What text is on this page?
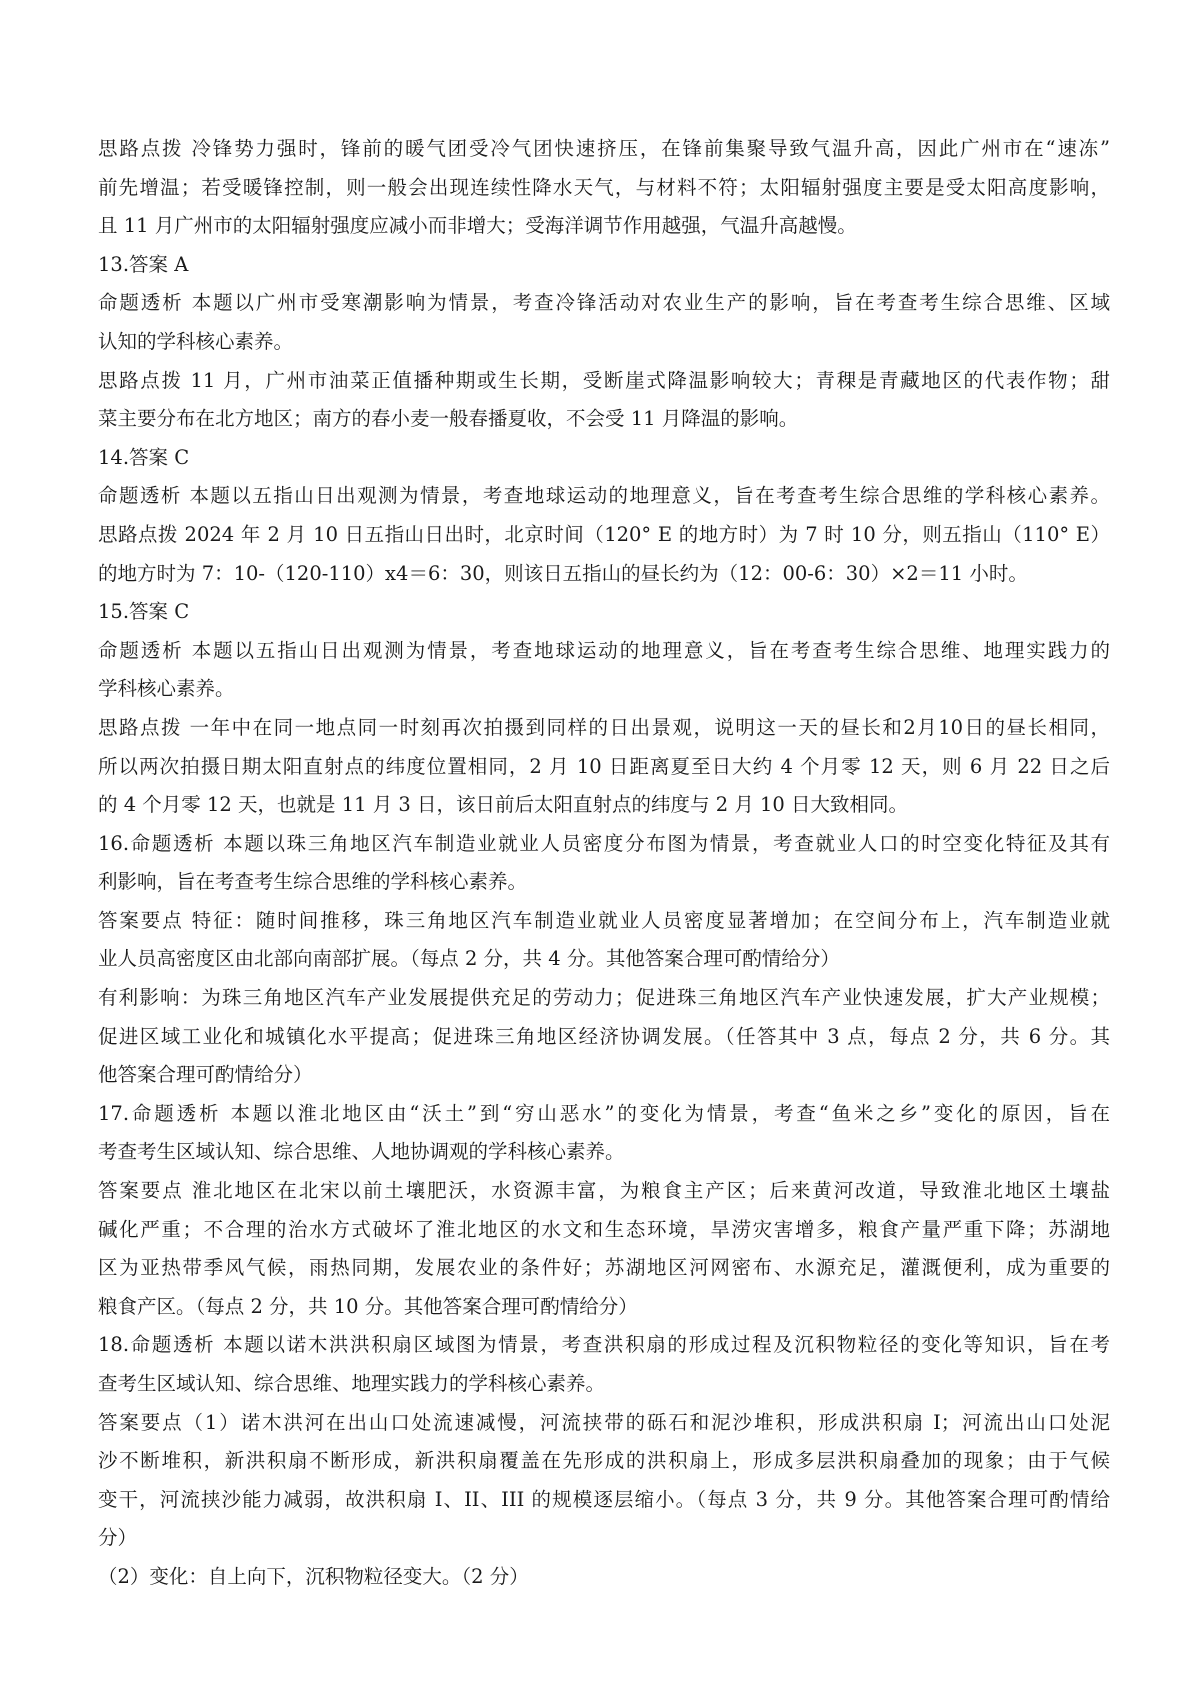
思路点拨 冷锋势力强时，锋前的暖气团受冷气团快速挤压，在锋前集聚导致气温升高，因此广州市在“速冻”
前先增温；若受暖锋控制，则一般会出现连续性降水天气，与材料不符；太阳辐射强度主要是受太阳高度影响，
且 11 月广州市的太阳辐射强度应减小而非增大；受海洋调节作用越强，气温升高越慢。
13.答案 A
命题透析 本题以广州市受寒潮影响为情景，考查冷锋活动对农业生产的影响，旨在考查考生综合思维、区域
认知的学科核心素养。
思路点拨 11 月，广州市油菜正值播种期或生长期，受断崖式降温影响较大；青稞是青藏地区的代表作物；甜
菜主要分布在北方地区；南方的春小麦一般春播夏收，不会受 11 月降温的影响。
14.答案 C
命题透析 本题以五指山日出观测为情景，考查地球运动的地理意义，旨在考查考生综合思维的学科核心素养。
思路点拨 2024 年 2 月 10 日五指山日出时，北京时间（120° E 的地方时）为 7 时 10 分，则五指山（110° E）
的地方时为 7：10-（120-110）x4＝6：30，则该日五指山的昼长约为（12：00-6：30）×2＝11 小时。
15.答案 C
命题透析 本题以五指山日出观测为情景，考查地球运动的地理意义，旨在考查考生综合思维、地理实践力的
学科核心素养。
思路点拨 一年中在同一地点同一时刻再次拍摄到同样的日出景观，说明这一天的昼长和2月10日的昼长相同，
所以两次拍摄日期太阳直射点的纬度位置相同，2 月 10 日距离夏至日大约 4 个月零 12 天，则 6 月 22 日之后
的 4 个月零 12 天，也就是 11 月 3 日，该日前后太阳直射点的纬度与 2 月 10 日大致相同。
16.命题透析 本题以珠三角地区汽车制造业就业人员密度分布图为情景，考查就业人口的时空变化特征及其有
利影响，旨在考查考生综合思维的学科核心素养。
答案要点 特征：随时间推移，珠三角地区汽车制造业就业人员密度显著增加；在空间分布上，汽车制造业就
业人员高密度区由北部向南部扩展。（每点 2 分，共 4 分。其他答案合理可酌情给分）
有利影响：为珠三角地区汽车产业发展提供充足的劳动力；促进珠三角地区汽车产业快速发展，扩大产业规模；
促进区域工业化和城镇化水平提高；促进珠三角地区经济协调发展。（任答其中 3 点，每点 2 分，共 6 分。其
他答案合理可酌情给分）
17.命题透析 本题以淮北地区由“沃土”到“穷山恶水”的变化为情景，考查“鱼米之乡”变化的原因，旨在
考查考生区域认知、综合思维、人地协调观的学科核心素养。
答案要点 淮北地区在北宋以前土壤肥沃，水资源丰富，为粮食主产区；后来黄河改道，导致淮北地区土壤盐
碱化严重；不合理的治水方式破坏了淮北地区的水文和生态环境，旱涝灾害增多，粮食产量严重下降；苏湖地
区为亚热带季风气候，雨热同期，发展农业的条件好；苏湖地区河网密布、水源充足，灌溉便利，成为重要的
粮食产区。（每点 2 分，共 10 分。其他答案合理可酌情给分）
18.命题透析 本题以诺木洪洪积扇区域图为情景，考查洪积扇的形成过程及沉积物粒径的变化等知识，旨在考
查考生区域认知、综合思维、地理实践力的学科核心素养。
答案要点（1）诺木洪河在出山口处流速减慢，河流挟带的砾石和泥沙堆积，形成洪积扇 I；河流出山口处泥
沙不断堆积，新洪积扇不断形成，新洪积扇覆盖在先形成的洪积扇上，形成多层洪积扇叠加的现象；由于气候
变干，河流挟沙能力减弱，故洪积扇 I、II、III 的规模逐层缩小。（每点 3 分，共 9 分。其他答案合理可酌情给
分）
（2）变化：自上向下，沉积物粒径变大。（2 分）
